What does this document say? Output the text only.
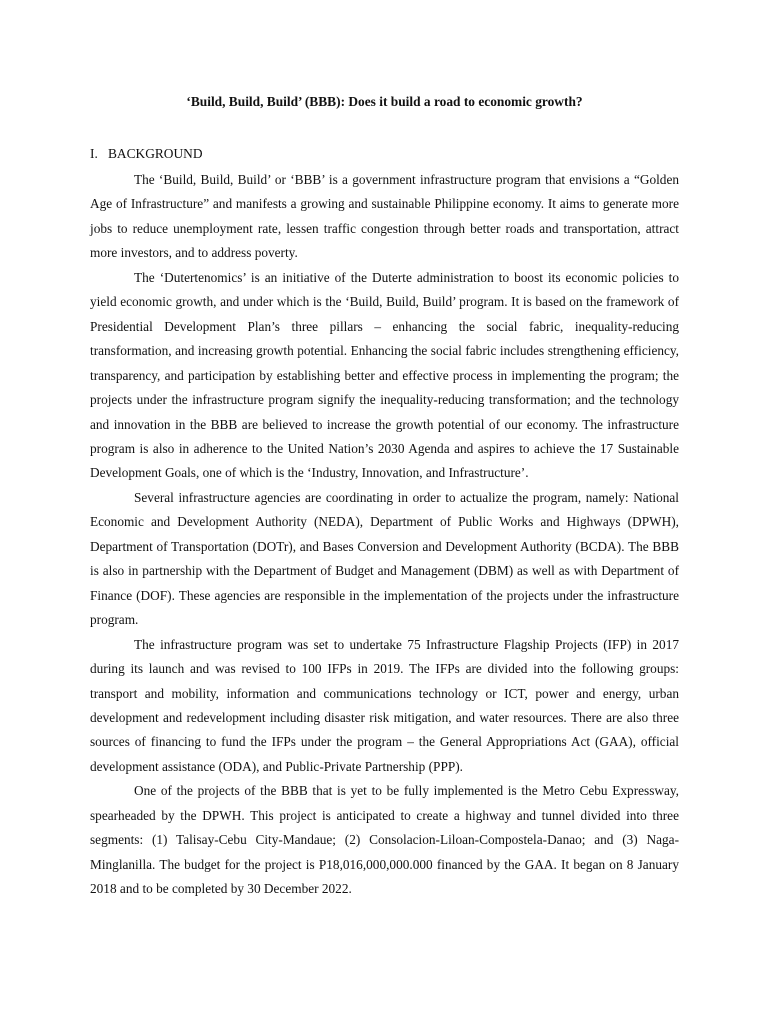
‘Build, Build, Build’ (BBB): Does it build a road to economic growth?
I. BACKGROUND

The ‘Build, Build, Build’ or ‘BBB’ is a government infrastructure program that envisions a “Golden Age of Infrastructure” and manifests a growing and sustainable Philippine economy. It aims to generate more jobs to reduce unemployment rate, lessen traffic congestion through better roads and transportation, attract more investors, and to address poverty.

The ‘Dutertenomics’ is an initiative of the Duterte administration to boost its economic policies to yield economic growth, and under which is the ‘Build, Build, Build’ program. It is based on the framework of Presidential Development Plan’s three pillars – enhancing the social fabric, inequality-reducing transformation, and increasing growth potential. Enhancing the social fabric includes strengthening efficiency, transparency, and participation by establishing better and effective process in implementing the program; the projects under the infrastructure program signify the inequality-reducing transformation; and the technology and innovation in the BBB are believed to increase the growth potential of our economy. The infrastructure program is also in adherence to the United Nation’s 2030 Agenda and aspires to achieve the 17 Sustainable Development Goals, one of which is the ‘Industry, Innovation, and Infrastructure’.

Several infrastructure agencies are coordinating in order to actualize the program, namely: National Economic and Development Authority (NEDA), Department of Public Works and Highways (DPWH), Department of Transportation (DOTr), and Bases Conversion and Development Authority (BCDA). The BBB is also in partnership with the Department of Budget and Management (DBM) as well as with Department of Finance (DOF). These agencies are responsible in the implementation of the projects under the infrastructure program.

The infrastructure program was set to undertake 75 Infrastructure Flagship Projects (IFP) in 2017 during its launch and was revised to 100 IFPs in 2019. The IFPs are divided into the following groups: transport and mobility, information and communications technology or ICT, power and energy, urban development and redevelopment including disaster risk mitigation, and water resources. There are also three sources of financing to fund the IFPs under the program – the General Appropriations Act (GAA), official development assistance (ODA), and Public-Private Partnership (PPP).

One of the projects of the BBB that is yet to be fully implemented is the Metro Cebu Expressway, spearheaded by the DPWH. This project is anticipated to create a highway and tunnel divided into three segments: (1) Talisay-Cebu City-Mandaue; (2) Consolacion-Liloan-Compostela-Danao; and (3) Naga-Minglanilla. The budget for the project is P18,016,000,000.000 financed by the GAA. It began on 8 January 2018 and to be completed by 30 December 2022.
